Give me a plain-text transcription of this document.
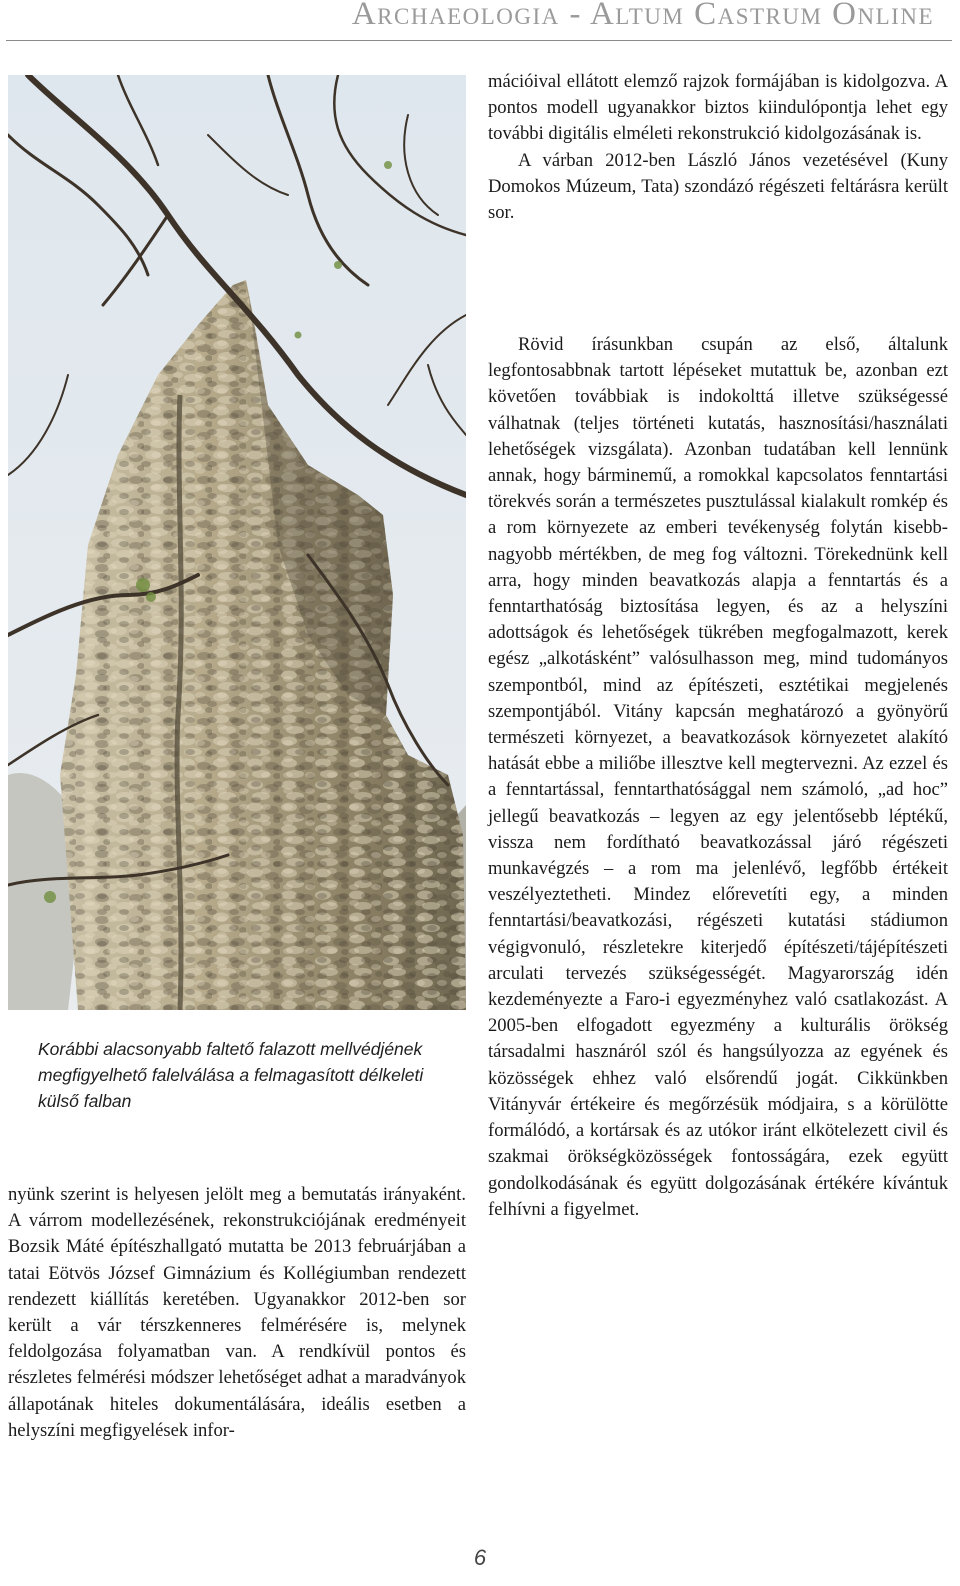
Archaeologia - Altum Castrum Online
Korábbi alacsonyabb faltető falazott mellvédjének megfigyelhető falelválása a felmagasított délkeleti külső falban

nyünk szerint is helyesen jelölt meg a bemutatás irányaként. A várrom modellezésének, rekonstrukciójának eredményeit Bozsik Máté építészhallgató mutatta be 2013 februárjában a tatai Eötvös József Gimnázium és Kollégiumban rendezett rendezett kiállítás keretében. Ugyanakkor 2012-ben sor került a vár térszkenneres felmérésére is, melynek feldolgozása folyamatban van. A rendkívül pontos és részletes felmérési módszer lehetőséget adhat a maradványok állapotának hiteles dokumentálására, ideális esetben a helyszíni megfigyelések infor-

mációival ellátott elemző rajzok formájában is kidolgozva. A pontos modell ugyanakkor biztos kiindulópontja lehet egy további digitális elméleti rekonstrukció kidolgozásának is.

A várban 2012-ben László János vezetésével (Kuny Domokos Múzeum, Tata) szondázó régészeti feltárásra került sor.

Rövid írásunkban csupán az első, általunk legfontosabbnak tartott lépéseket mutattuk be, azonban ezt követően továbbiak is indokolttá illetve szükségessé válhatnak (teljes történeti kutatás, hasznosítási/használati lehetőségek vizsgálata). Azonban tudatában kell lennünk annak, hogy bárminemű, a romokkal kapcsolatos fenntartási törekvés során a természetes pusztulással kialakult romkép és a rom környezete az emberi tevékenység folytán kisebb-nagyobb mértékben, de meg fog változni. Törekednünk kell arra, hogy minden beavatkozás alapja a fenntartás és a fenntarthatóság biztosítása legyen, és az a helyszíni adottságok és lehetőségek tükrében megfogalmazott, kerek egész „alkotásként” valósulhasson meg, mind tudományos szempontból, mind az építészeti, esztétikai megjelenés szempontjából. Vitány kapcsán meghatározó a gyönyörű természeti környezet, a beavatkozások környezetet alakító hatását ebbe a miliőbe illesztve kell megtervezni. Az ezzel és a fenntartással, fenntarthatósággal nem számoló, „ad hoc” jellegű beavatkozás – legyen az egy jelentősebb léptékű, vissza nem fordítható beavatkozással járó régészeti munkavégzés – a rom ma jelenlévő, legfőbb értékeit veszélyeztetheti. Mindez előrevetíti egy, a minden fenntartási/beavatkozási, régészeti kutatási stádiumon végigvonuló, részletekre kiterjedő építészeti/tájépítészeti arculati tervezés szükségességét. Magyarország idén kezdeményezte a Faro-i egyezményhez való csatlakozást. A 2005-ben elfogadott egyezmény a kulturális örökség társadalmi hasznáról szól és hangsúlyozza az egyének és közösségek ehhez való elsőrendű jogát. Cikkünkben Vitányvár értékeire és megőrzésük módjaira, s a körülötte formálódó, a kortársak és az utókor iránt elkötelezett civil és szakmai örökségközösségek fontosságára, ezek együtt gondolkodásának és együtt dolgozásának értékére kívántuk felhívni a figyelmet.

6
